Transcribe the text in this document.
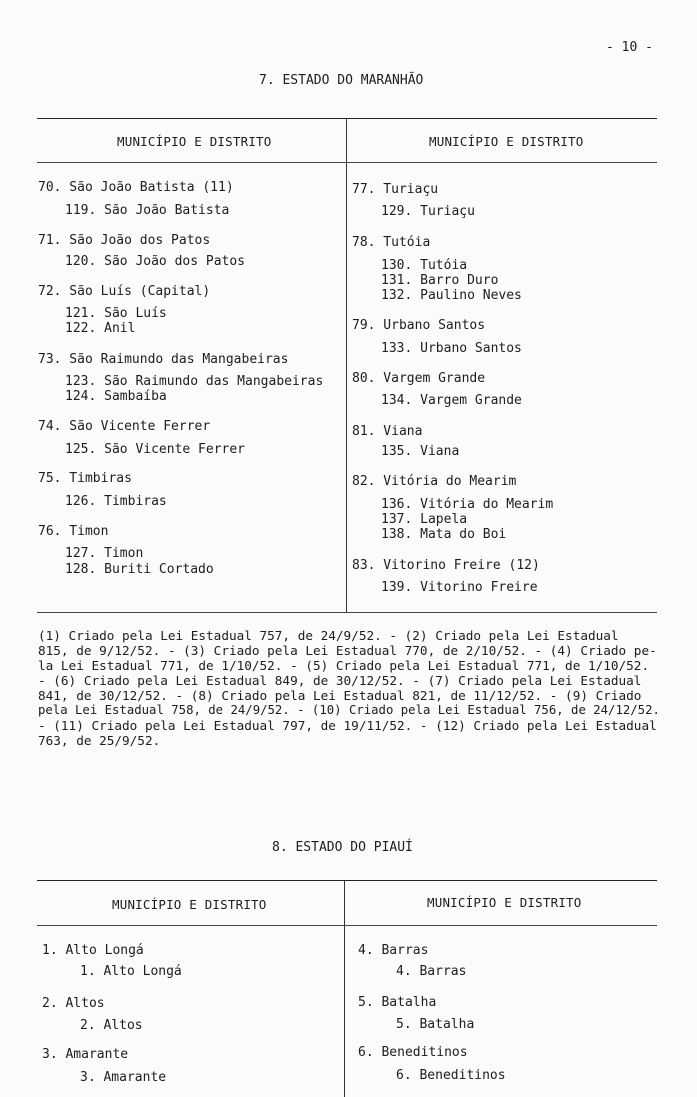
- 10 -
7. ESTADO DO MARANHÃO
MUNICÍPIO E DISTRITO	MUNICÍPIO E DISTRITO
70. São João Batista (11)
119. São João Batista
71. São João dos Patos
120. São João dos Patos
72. São Luís (Capital)
121. São Luís
122. Anil
73. São Raimundo das Mangabeiras
123. São Raimundo das Mangabeiras
124. Sambaíba
74. São Vicente Ferrer
125. São Vicente Ferrer
75. Timbiras
126. Timbiras
76. Timon
127. Timon
128. Buriti Cortado
77. Turiaçu
129. Turiaçu
78. Tutóia
130. Tutóia
131. Barro Duro
132. Paulino Neves
79. Urbano Santos
133. Urbano Santos
80. Vargem Grande
134. Vargem Grande
81. Viana
135. Viana
82. Vitória do Mearim
136. Vitória do Mearim
137. Lapela
138. Mata do Boi
83. Vitorino Freire (12)
139. Vitorino Freire
(1) Criado pela Lei Estadual 757, de 24/9/52. - (2) Criado pela Lei Estadual
815, de 9/12/52. - (3) Criado pela Lei Estadual 770, de 2/10/52. - (4) Criado pe-
la Lei Estadual 771, de 1/10/52. - (5) Criado pela Lei Estadual 771, de 1/10/52.
- (6) Criado pela Lei Estadual 849, de 30/12/52. - (7) Criado pela Lei Estadual
841, de 30/12/52. - (8) Criado pela Lei Estadual 821, de 11/12/52. - (9) Criado
pela Lei Estadual 758, de 24/9/52. - (10) Criado pela Lei Estadual 756, de 24/12/52.
- (11) Criado pela Lei Estadual 797, de 19/11/52. - (12) Criado pela Lei Estadual
763, de 25/9/52.
8. ESTADO DO PIAUÍ
MUNICÍPIO E DISTRITO	MUNICÍPIO E DISTRITO
1. Alto Longá
1. Alto Longá
2. Altos
2. Altos
3. Amarante
3. Amarante
4. Barras
4. Barras
5. Batalha
5. Batalha
6. Beneditinos
6. Beneditinos
